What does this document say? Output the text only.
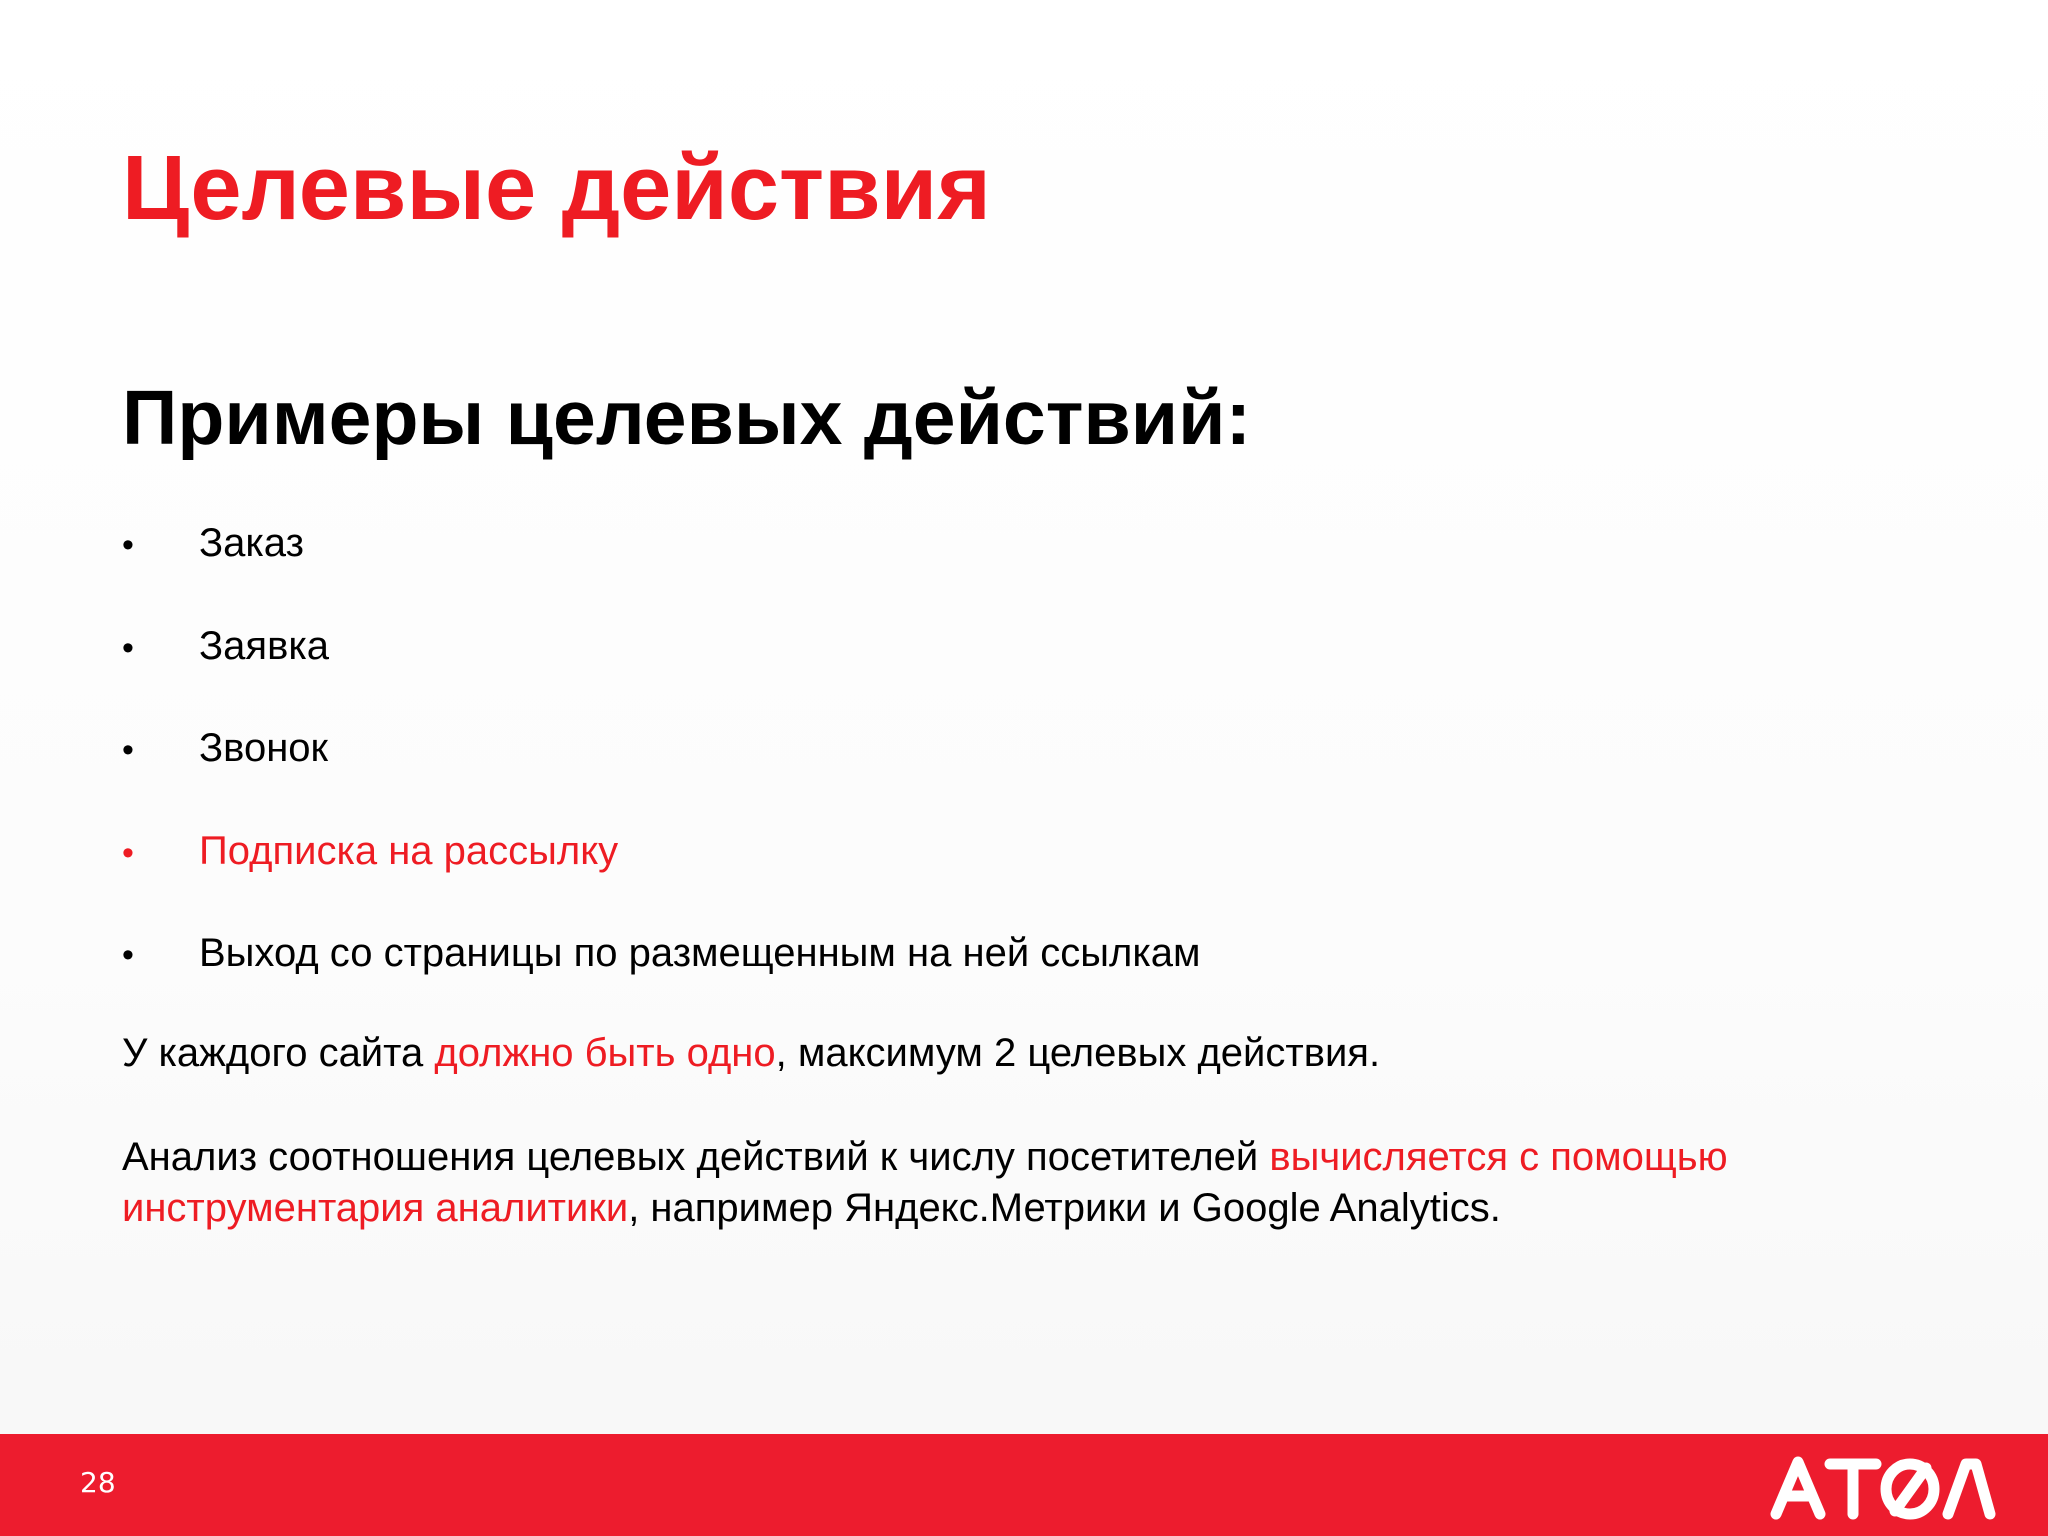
Целевые действия
Примеры целевых действий:
• Заказ
• Заявка
• Звонок
• Подписка на рассылку
• Выход со страницы по размещенным на ней ссылкам

У каждого сайта должно быть одно, максимум 2 целевых действия.

Анализ соотношения целевых действий к числу посетителей вычисляется с помощью инструментария аналитики, например Яндекс.Метрики и Google Analytics.

28
